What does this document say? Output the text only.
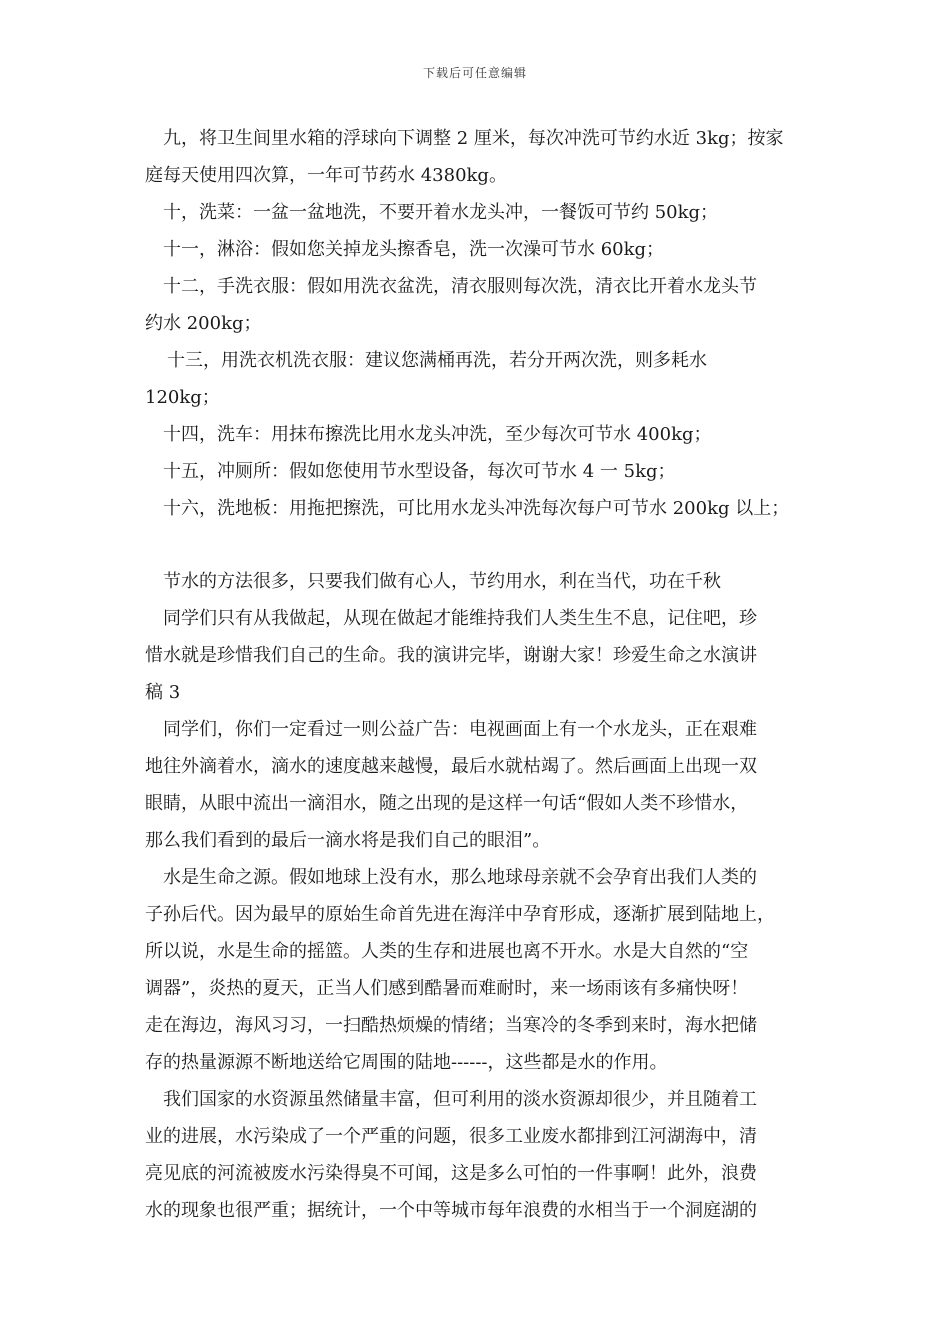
下载后可任意编辑
九，将卫生间里水箱的浮球向下调整 2 厘米，每次冲洗可节约水近 3kg；按家
庭每天使用四次算，一年可节药水 4380kg。
十，洗菜：一盆一盆地洗，不要开着水龙头冲，一餐饭可节约 50kg；
十一，淋浴：假如您关掉龙头擦香皂，洗一次澡可节水 60kg；
十二，手洗衣服：假如用洗衣盆洗，清衣服则每次洗，清衣比开着水龙头节
约水 200kg；
十三，用洗衣机洗衣服：建议您满桶再洗，若分开两次洗，则多耗水
120kg；
十四，洗车：用抹布擦洗比用水龙头冲洗，至少每次可节水 400kg；
十五，冲厕所：假如您使用节水型设备，每次可节水 4 一 5kg；
十六，洗地板：用拖把擦洗，可比用水龙头冲洗每次每户可节水 200kg 以上；
节水的方法很多，只要我们做有心人，节约用水，利在当代，功在千秋
同学们只有从我做起，从现在做起才能维持我们人类生生不息，记住吧，珍
惜水就是珍惜我们自己的生命。我的演讲完毕，谢谢大家！珍爱生命之水演讲
稿 3
同学们，你们一定看过一则公益广告：电视画面上有一个水龙头，正在艰难
地往外滴着水，滴水的速度越来越慢，最后水就枯竭了。然后画面上出现一双
眼睛，从眼中流出一滴泪水，随之出现的是这样一句话“假如人类不珍惜水，
那么我们看到的最后一滴水将是我们自己的眼泪”。
水是生命之源。假如地球上没有水，那么地球母亲就不会孕育出我们人类的
子孙后代。因为最早的原始生命首先进在海洋中孕育形成，逐渐扩展到陆地上，
所以说，水是生命的摇篮。人类的生存和进展也离不开水。水是大自然的“空
调器”，炎热的夏天，正当人们感到酷暑而难耐时，来一场雨该有多痛快呀！
走在海边，海风习习，一扫酷热烦燥的情绪；当寒冷的冬季到来时，海水把储
存的热量源源不断地送给它周围的陆地------，这些都是水的作用。
我们国家的水资源虽然储量丰富，但可利用的淡水资源却很少，并且随着工
业的进展，水污染成了一个严重的问题，很多工业废水都排到江河湖海中，清
亮见底的河流被废水污染得臭不可闻，这是多么可怕的一件事啊！此外，浪费
水的现象也很严重；据统计，一个中等城市每年浪费的水相当于一个洞庭湖的
